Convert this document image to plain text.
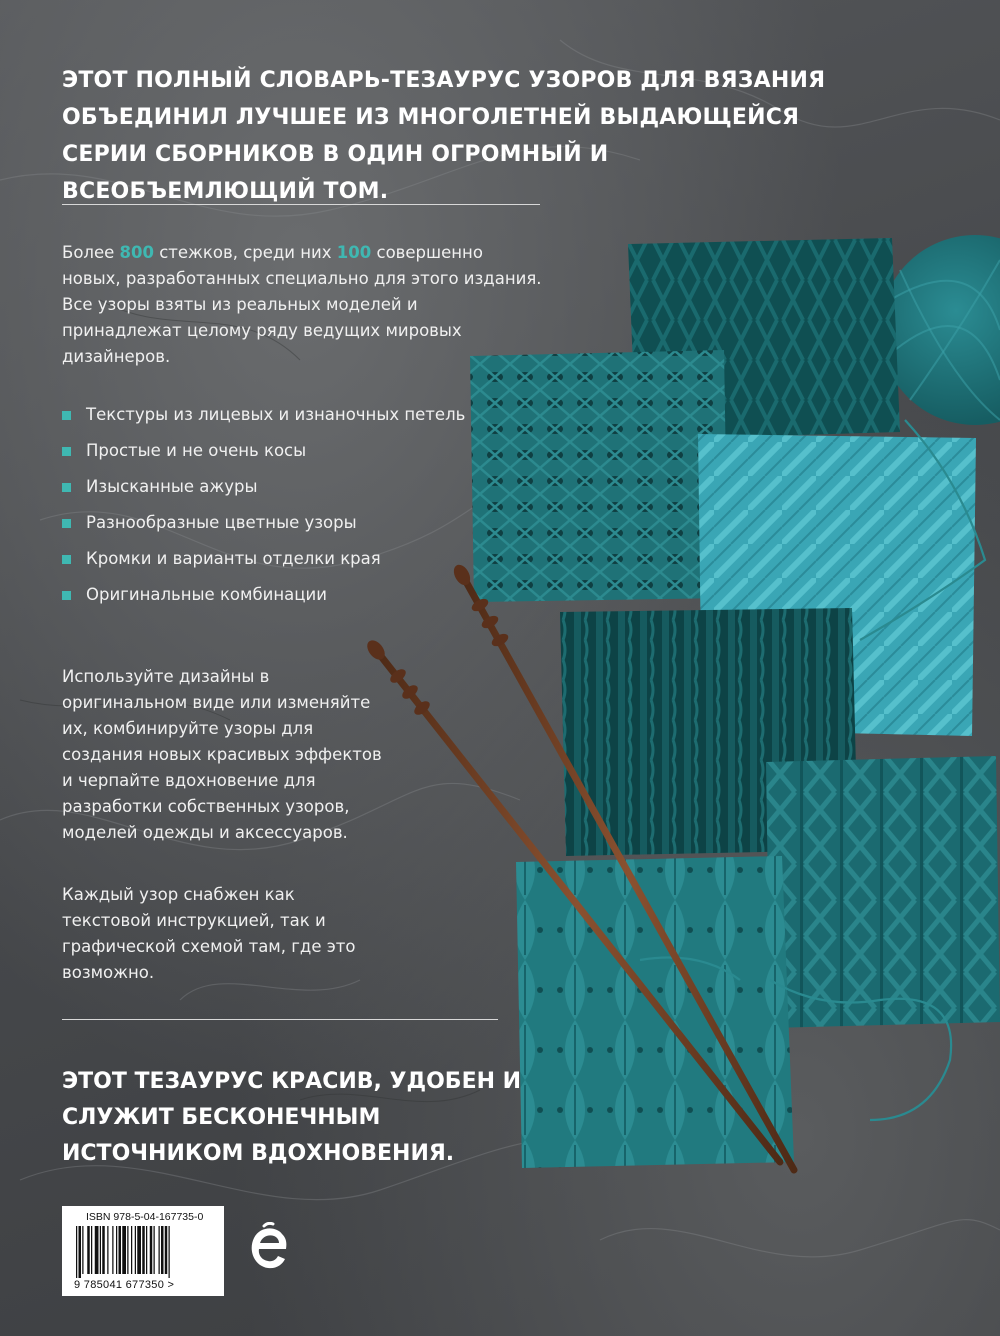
ЭТОТ ПОЛНЫЙ СЛОВАРЬ-ТЕЗАУРУС УЗОРОВ ДЛЯ ВЯЗАНИЯ ОБЪЕДИНИЛ ЛУЧШЕЕ ИЗ МНОГОЛЕТНЕЙ ВЫДАЮЩЕЙСЯ СЕРИИ СБОРНИКОВ В ОДИН ОГРОМНЫЙ И ВСЕОБЪЕМЛЮЩИЙ ТОМ.

Более 800 стежков, среди них 100 совершенно новых, разработанных специально для этого издания. Все узоры взяты из реальных моделей и принадлежат целому ряду ведущих мировых дизайнеров.

Текстуры из лицевых и изнаночных петель
Простые и не очень косы
Изысканные ажуры
Разнообразные цветные узоры
Кромки и варианты отделки края
Оригинальные комбинации

Используйте дизайны в оригинальном виде или изменяйте их, комбинируйте узоры для создания новых красивых эффектов и черпайте вдохновение для разработки собственных узоров, моделей одежды и аксессуаров.

Каждый узор снабжен как текстовой инструкцией, так и графической схемой там, где это возможно.

ЭТОТ ТЕЗАУРУС КРАСИВ, УДОБЕН И СЛУЖИТ БЕСКОНЕЧНЫМ ИСТОЧНИКОМ ВДОХНОВЕНИЯ.

ISBN 978-5-04-167735-0

9 785041 677350 >
